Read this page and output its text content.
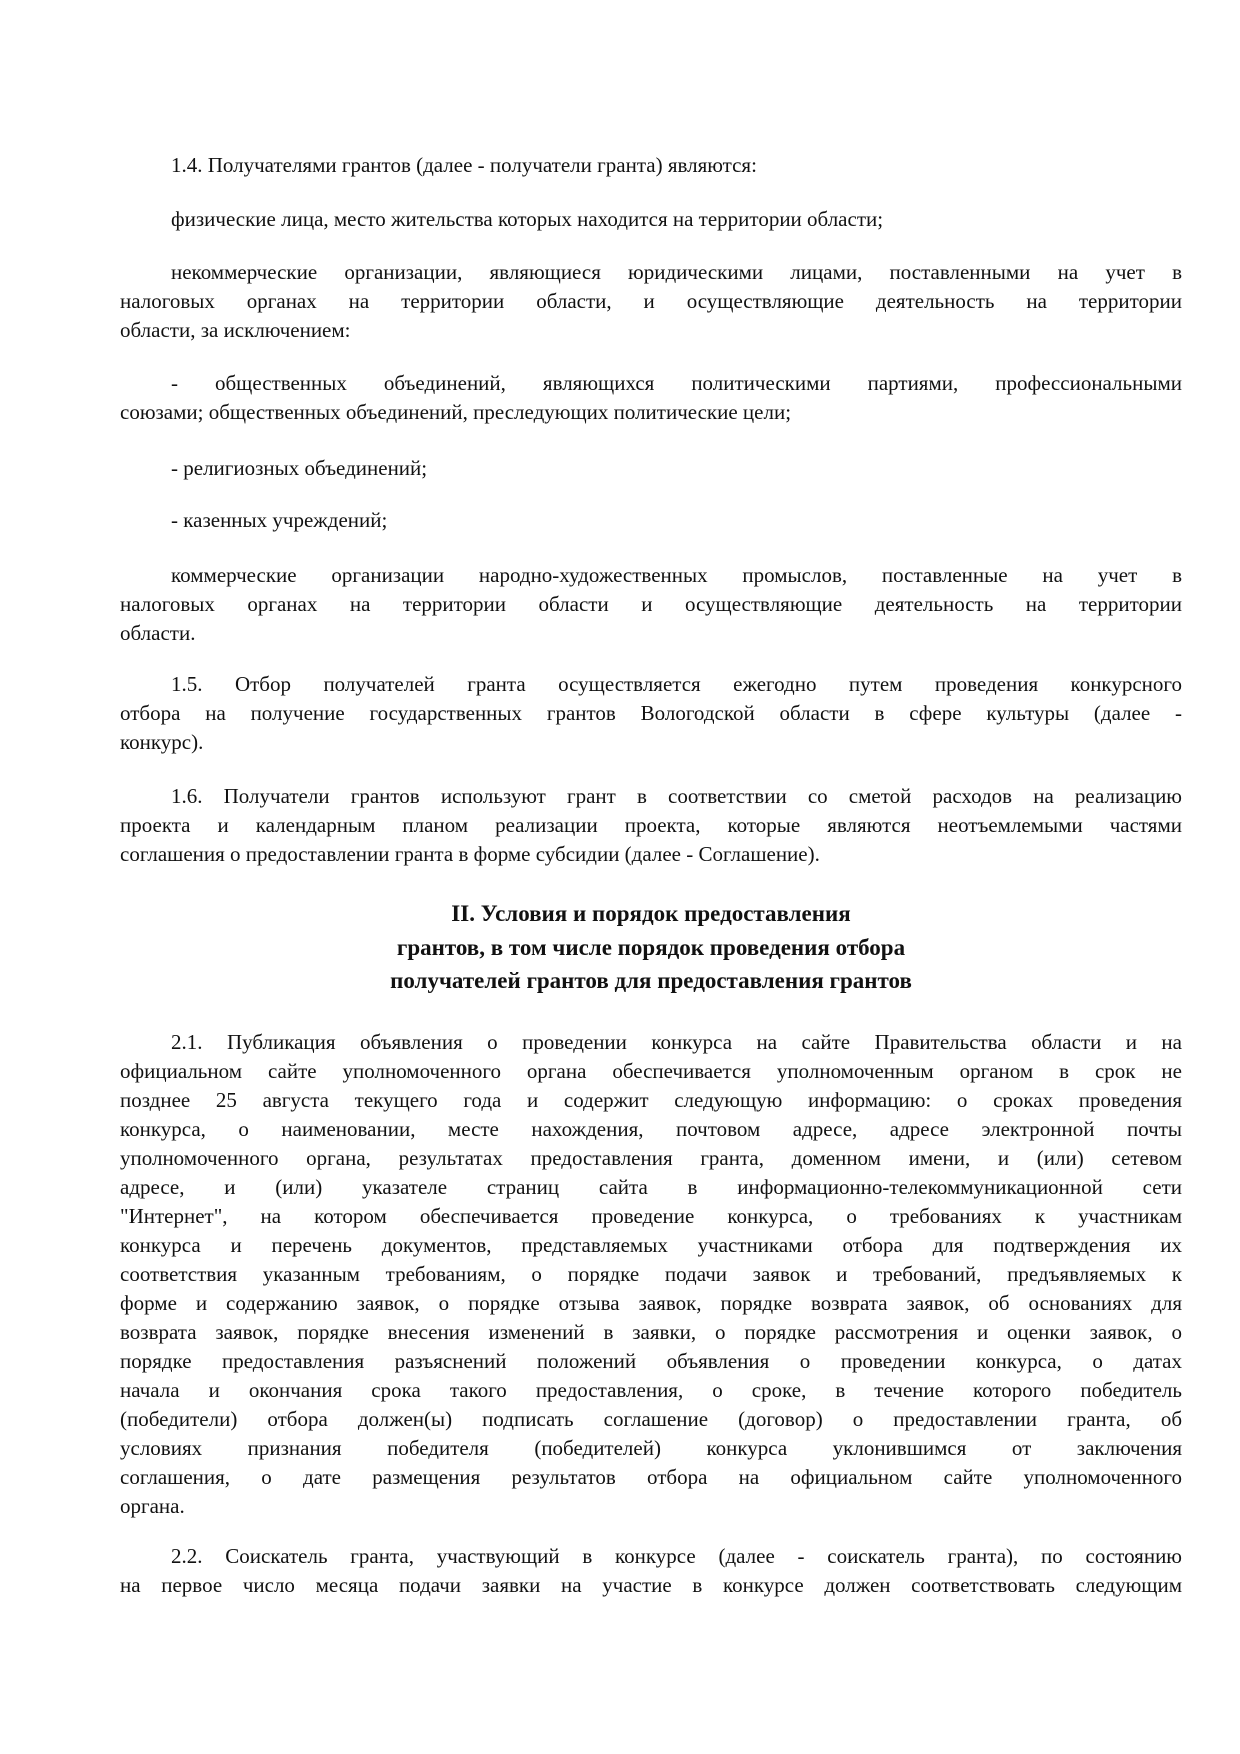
1.4. Получателями грантов (далее - получатели гранта) являются:
физические лица, место жительства которых находится на территории области;
некоммерческие организации, являющиеся юридическими лицами, поставленными на учет в
налоговых органах на территории области, и осуществляющие деятельность на территории
области, за исключением:
- общественных объединений, являющихся политическими партиями, профессиональными
союзами; общественных объединений, преследующих политические цели;
- религиозных объединений;
- казенных учреждений;
коммерческие организации народно-художественных промыслов, поставленные на учет в
налоговых органах на территории области и осуществляющие деятельность на территории
области.
1.5. Отбор получателей гранта осуществляется ежегодно путем проведения конкурсного
отбора на получение государственных грантов Вологодской области в сфере культуры (далее -
конкурс).
1.6. Получатели грантов используют грант в соответствии со сметой расходов на реализацию
проекта и календарным планом реализации проекта, которые являются неотъемлемыми частями
соглашения о предоставлении гранта в форме субсидии (далее - Соглашение).
2.1. Публикация объявления о проведении конкурса на сайте Правительства области и на
официальном сайте уполномоченного органа обеспечивается уполномоченным органом в срок не
позднее 25 августа текущего года и содержит следующую информацию: о сроках проведения
конкурса, о наименовании, месте нахождения, почтовом адресе, адресе электронной почты
уполномоченного органа, результатах предоставления гранта, доменном имени, и (или) сетевом
адресе, и (или) указателе страниц сайта в информационно-телекоммуникационной сети
"Интернет", на котором обеспечивается проведение конкурса, о требованиях к участникам
конкурса и перечень документов, представляемых участниками отбора для подтверждения их
соответствия указанным требованиям, о порядке подачи заявок и требований, предъявляемых к
форме и содержанию заявок, о порядке отзыва заявок, порядке возврата заявок, об основаниях для
возврата заявок, порядке внесения изменений в заявки, о порядке рассмотрения и оценки заявок, о
порядке предоставления разъяснений положений объявления о проведении конкурса, о датах
начала и окончания срока такого предоставления, о сроке, в течение которого победитель
(победители) отбора должен(ы) подписать соглашение (договор) о предоставлении гранта, об
условиях признания победителя (победителей) конкурса уклонившимся от заключения
соглашения, о дате размещения результатов отбора на официальном сайте уполномоченного
органа.
2.2. Соискатель гранта, участвующий в конкурсе (далее - соискатель гранта), по состоянию
на первое число месяца подачи заявки на участие в конкурсе должен соответствовать следующим
II. Условия и порядок предоставления
грантов, в том числе порядок проведения отбора
получателей грантов для предоставления грантов
